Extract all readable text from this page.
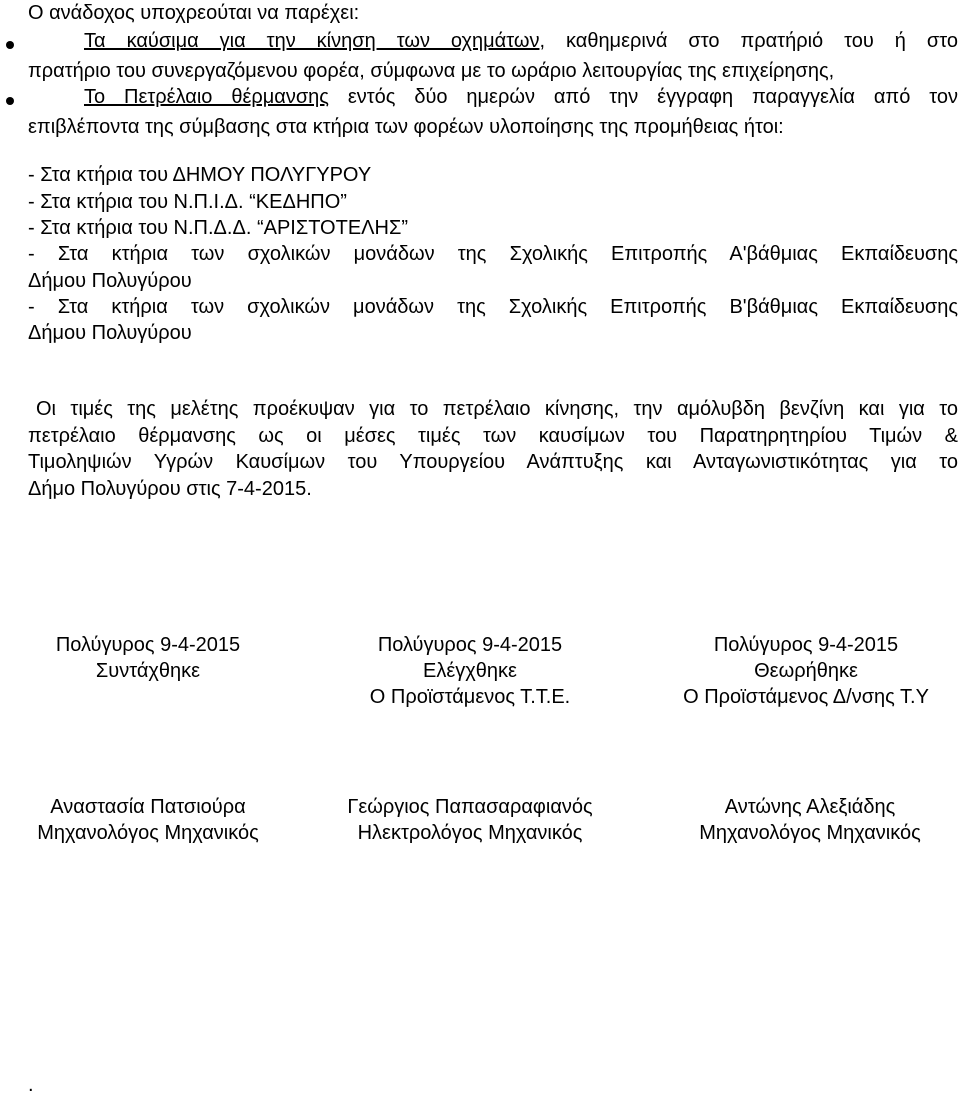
Ο ανάδοχος υποχρεούται να παρέχει:
Τα καύσιμα για την κίνηση των οχημάτων, καθημερινά στο πρατήριό του ή στο
πρατήριο του συνεργαζόμενου φορέα, σύμφωνα με το ωράριο λειτουργίας της επιχείρησης,
Το Πετρέλαιο θέρμανσης εντός δύο ημερών από την έγγραφη παραγγελία από τον
επιβλέποντα της σύμβασης στα κτήρια των φορέων υλοποίησης της προμήθειας ήτοι:
- Στα κτήρια του ΔΗΜΟΥ ΠΟΛΥΓΥΡΟΥ
- Στα κτήρια του Ν.Π.Ι.Δ. “ΚΕΔΗΠΟ”
- Στα κτήρια του Ν.Π.Δ.Δ. “ΑΡΙΣΤΟΤΕΛΗΣ”
- Στα κτήρια των σχολικών μονάδων της Σχολικής Επιτροπής Α'βάθμιας Εκπαίδευσης
Δήμου Πολυγύρου
- Στα κτήρια των σχολικών μονάδων της Σχολικής Επιτροπής Β'βάθμιας Εκπαίδευσης
Δήμου Πολυγύρου
Οι τιμές της μελέτης προέκυψαν για το πετρέλαιο κίνησης, την αμόλυβδη βενζίνη και για το
πετρέλαιο θέρμανσης ως οι μέσες τιμές των καυσίμων του Παρατηρητηρίου Τιμών &
Τιμοληψιών Υγρών Καυσίμων του Υπουργείου Ανάπτυξης και Ανταγωνιστικότητας για το
Δήμο Πολυγύρου στις 7-4-2015.
Πολύγυρος 9-4-2015
Συντάχθηκε
Πολύγυρος 9-4-2015
Ελέγχθηκε
Ο Προϊστάμενος Τ.Τ.Ε.
Πολύγυρος 9-4-2015
Θεωρήθηκε
Ο Προϊστάμενος Δ/νσης Τ.Υ
Αναστασία Πατσιούρα
Μηχανολόγος Μηχανικός
Γεώργιος Παπασαραφιανός
Ηλεκτρολόγος Μηχανικός
Αντώνης Αλεξιάδης
Μηχανολόγος Μηχανικός
.
